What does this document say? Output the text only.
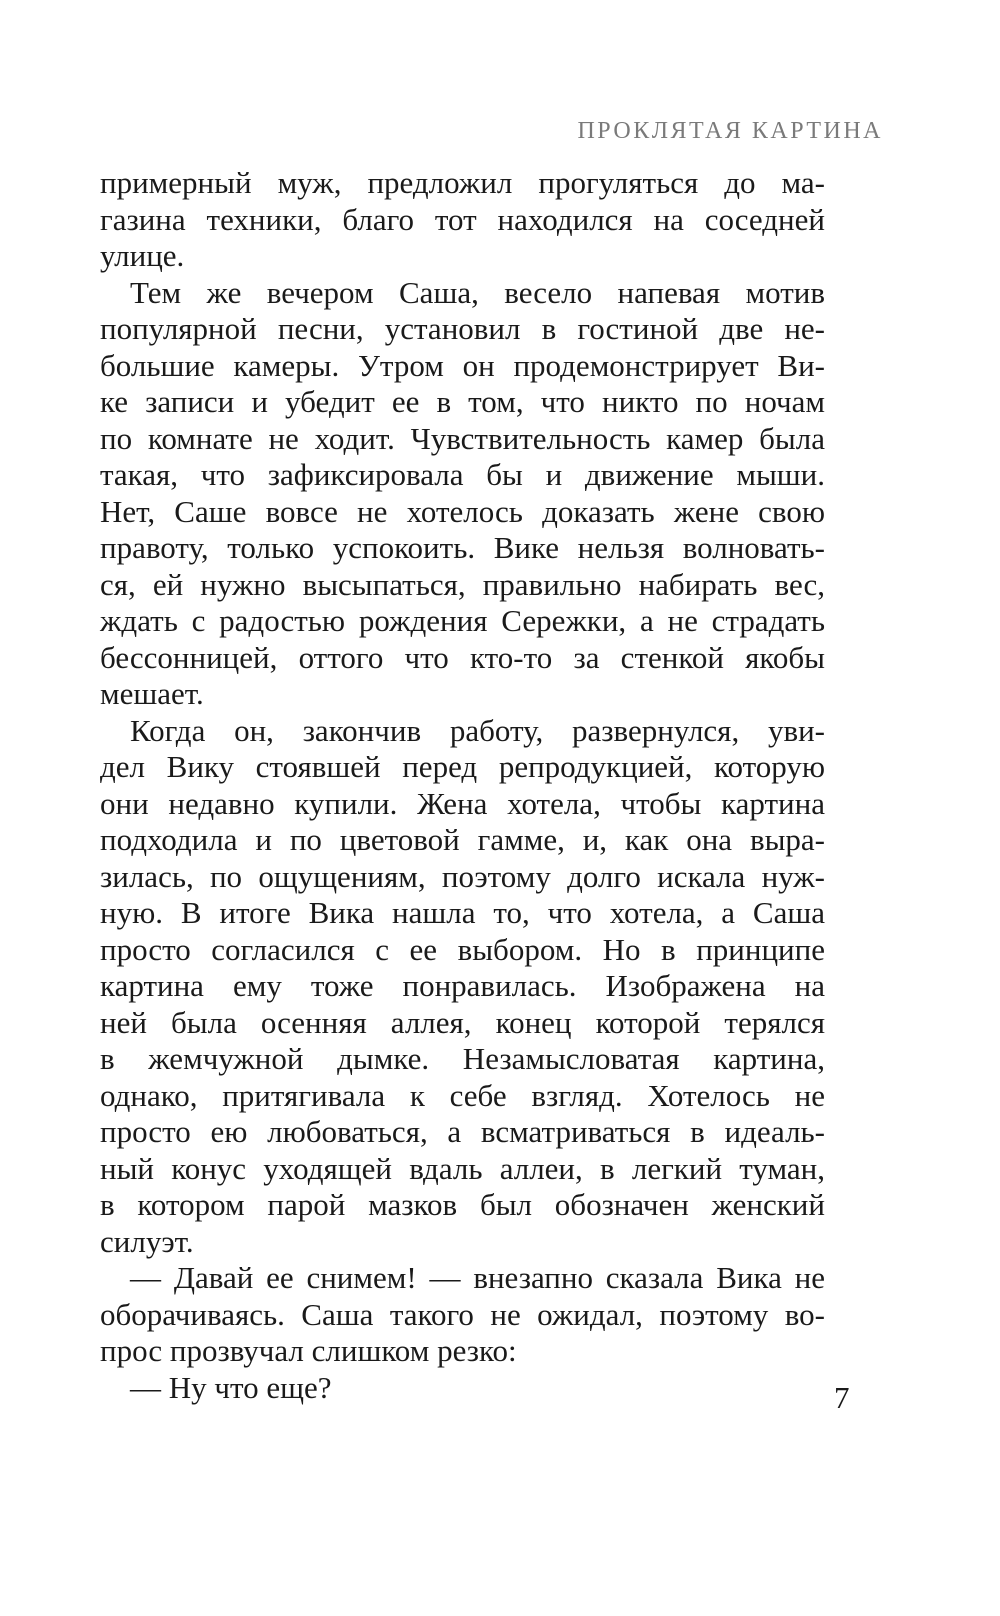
ПРОКЛЯТАЯ КАРТИНА
примерный муж, предложил прогуляться до ма-
газина техники, благо тот находился на соседней
улице.
Тем же вечером Саша, весело напевая мотив
популярной песни, установил в гостиной две не-
большие камеры. Утром он продемонстрирует Ви-
ке записи и убедит ее в том, что никто по ночам
по комнате не ходит. Чувствительность камер была
такая, что зафиксировала бы и движение мыши.
Нет, Саше вовсе не хотелось доказать жене свою
правоту, только успокоить. Вике нельзя волновать-
ся, ей нужно высыпаться, правильно набирать вес,
ждать с радостью рождения Сережки, а не страдать
бессонницей, оттого что кто-то за стенкой якобы
мешает.
Когда он, закончив работу, развернулся, уви-
дел Вику стоявшей перед репродукцией, которую
они недавно купили. Жена хотела, чтобы картина
подходила и по цветовой гамме, и, как она выра-
зилась, по ощущениям, поэтому долго искала нуж-
ную. В итоге Вика нашла то, что хотела, а Саша
просто согласился с ее выбором. Но в принципе
картина ему тоже понравилась. Изображена на
ней была осенняя аллея, конец которой терялся
в жемчужной дымке. Незамысловатая картина,
однако, притягивала к себе взгляд. Хотелось не
просто ею любоваться, а всматриваться в идеаль-
ный конус уходящей вдаль аллеи, в легкий туман,
в котором парой мазков был обозначен женский
силуэт.
— Давай ее снимем! — внезапно сказала Вика не
оборачиваясь. Саша такого не ожидал, поэтому во-
прос прозвучал слишком резко:
— Ну что еще?	7
